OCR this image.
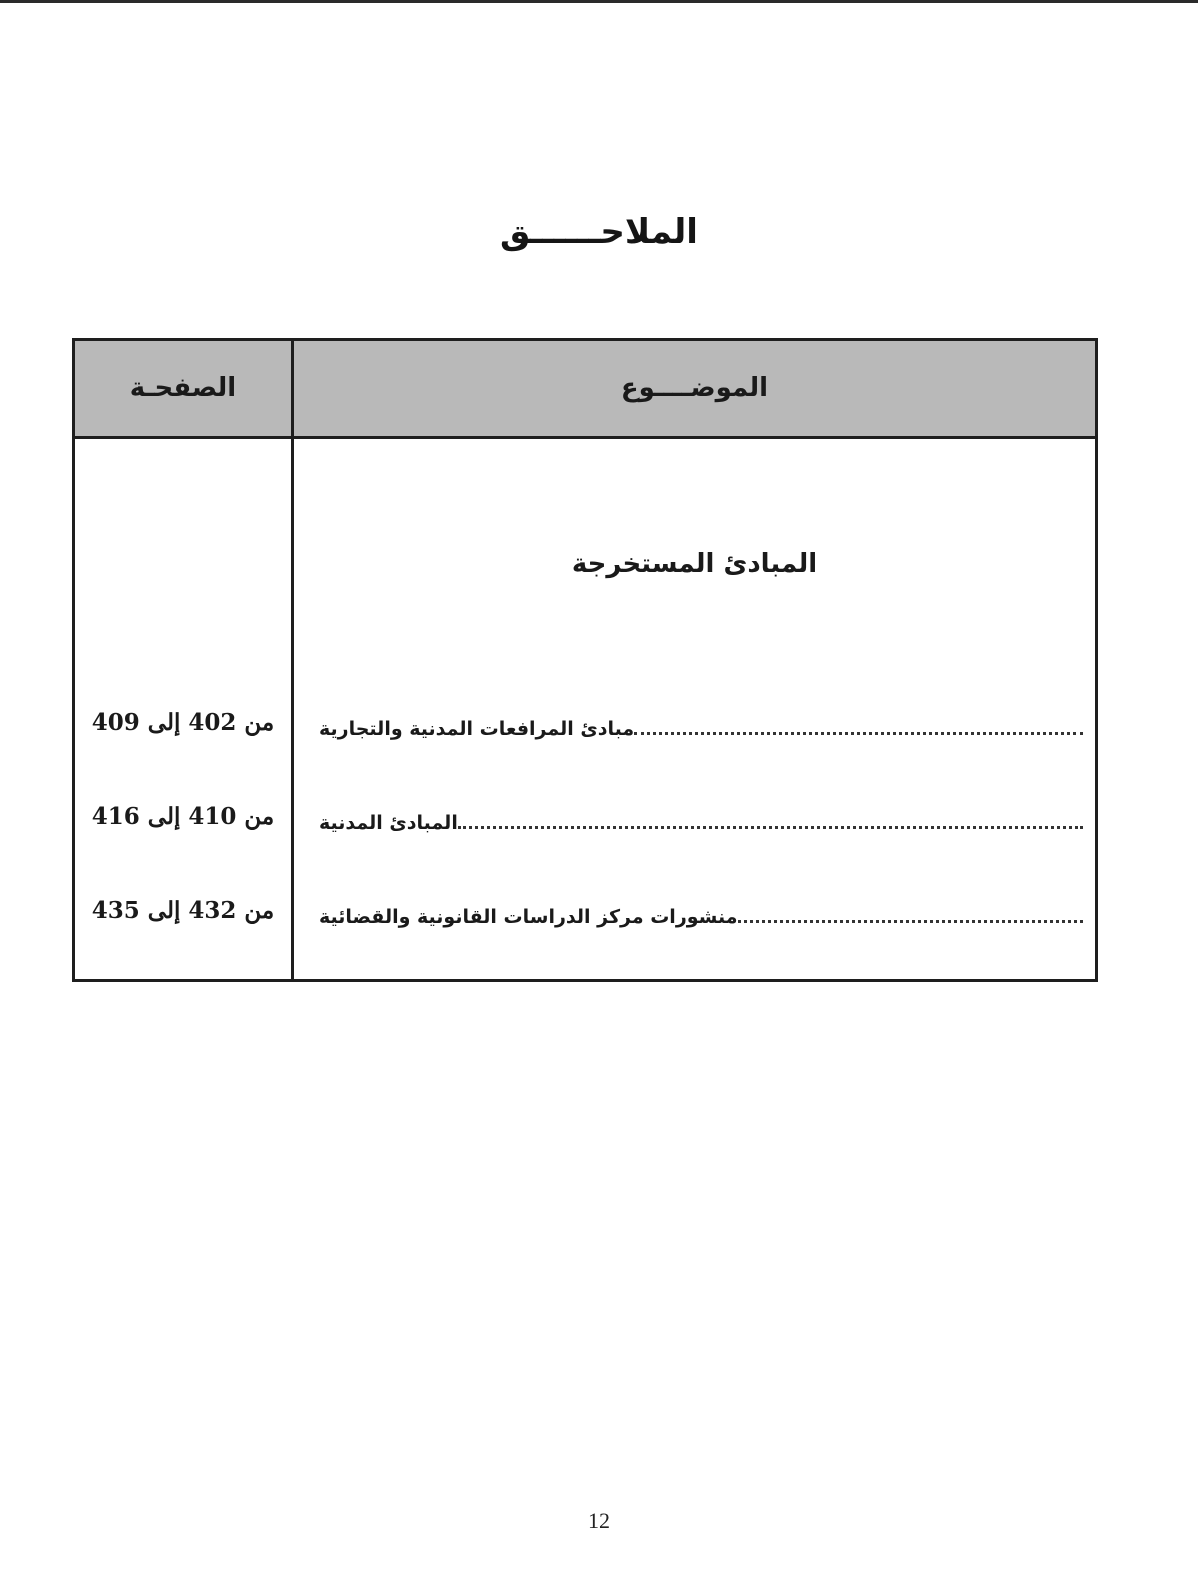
الملاحــــــق
الموضــــوع
الصفحـة
المبادئ المستخرجة
مبادئ المرافعات المدنية والتجارية
من 402 إلى 409
المبادئ المدنية
من 410 إلى 416
منشورات مركز الدراسات القانونية والقضائية
من 432 إلى 435
12
